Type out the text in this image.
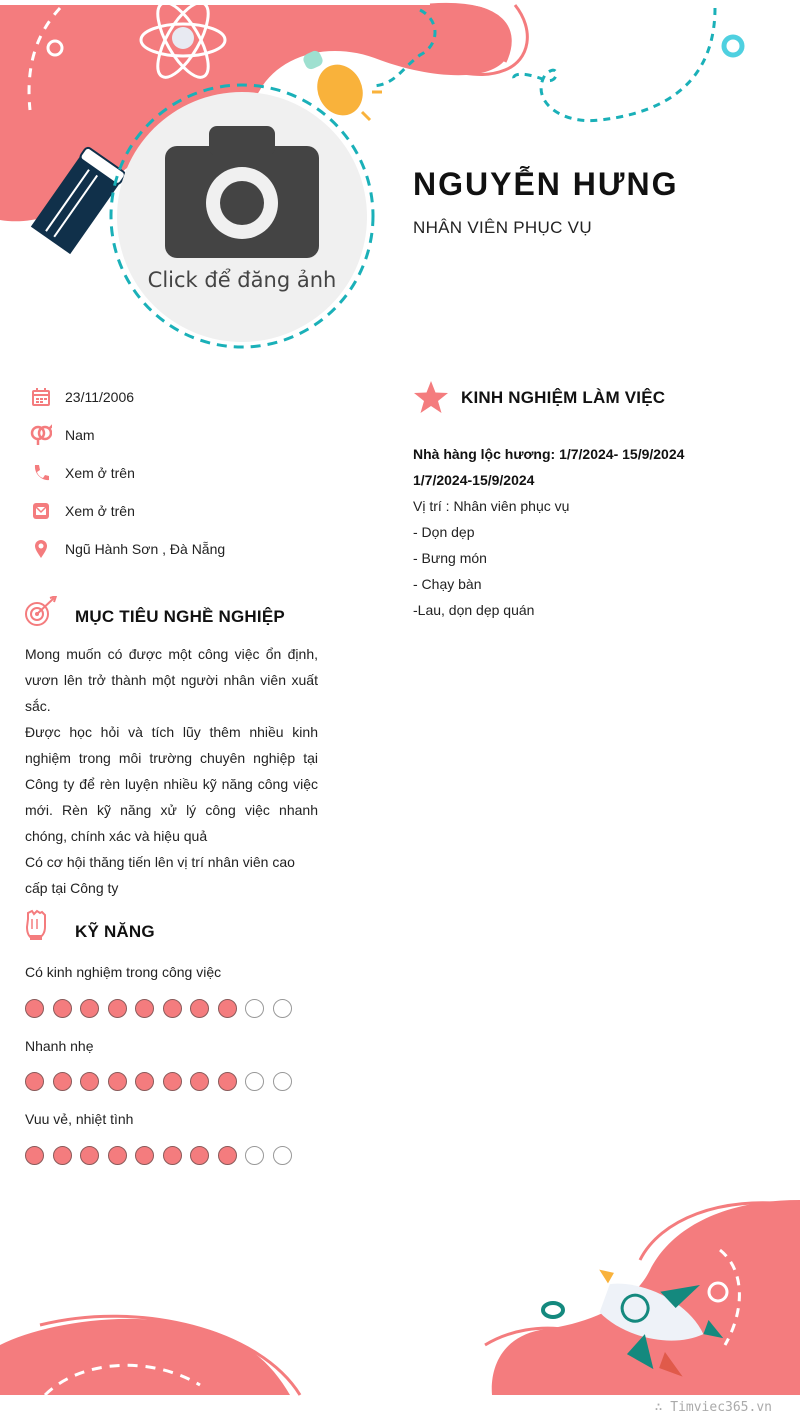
Click để đăng ảnh
NGUYỄN HƯNG
NHÂN VIÊN PHỤC VỤ
23/11/2006
Nam
Xem ở trên
Xem ở trên
Ngũ Hành Sơn , Đà Nẵng
MỤC TIÊU NGHỀ NGHIỆP
Mong muốn có được một công việc ổn định, vươn lên trở thành một người nhân viên xuất sắc.
Được học hỏi và tích lũy thêm nhiều kinh nghiệm trong môi trường chuyên nghiệp tại Công ty để rèn luyện nhiều kỹ năng công việc mới. Rèn kỹ năng xử lý công việc nhanh chóng, chính xác và hiệu quả
Có cơ hội thăng tiến lên vị trí nhân viên cao cấp tại Công ty
KỸ NĂNG
Có kinh nghiệm trong công việc
Nhanh nhẹ
Vuu vẻ, nhiệt tình
KINH NGHIỆM LÀM VIỆC
Nhà hàng lộc hương: 1/7/2024- 15/9/2024
1/7/2024-15/9/2024
Vị trí : Nhân viên phục vụ
- Dọn dẹp
- Bưng món
- Chạy bàn
-Lau, dọn dẹp quán
∴ Timviec365.vn
